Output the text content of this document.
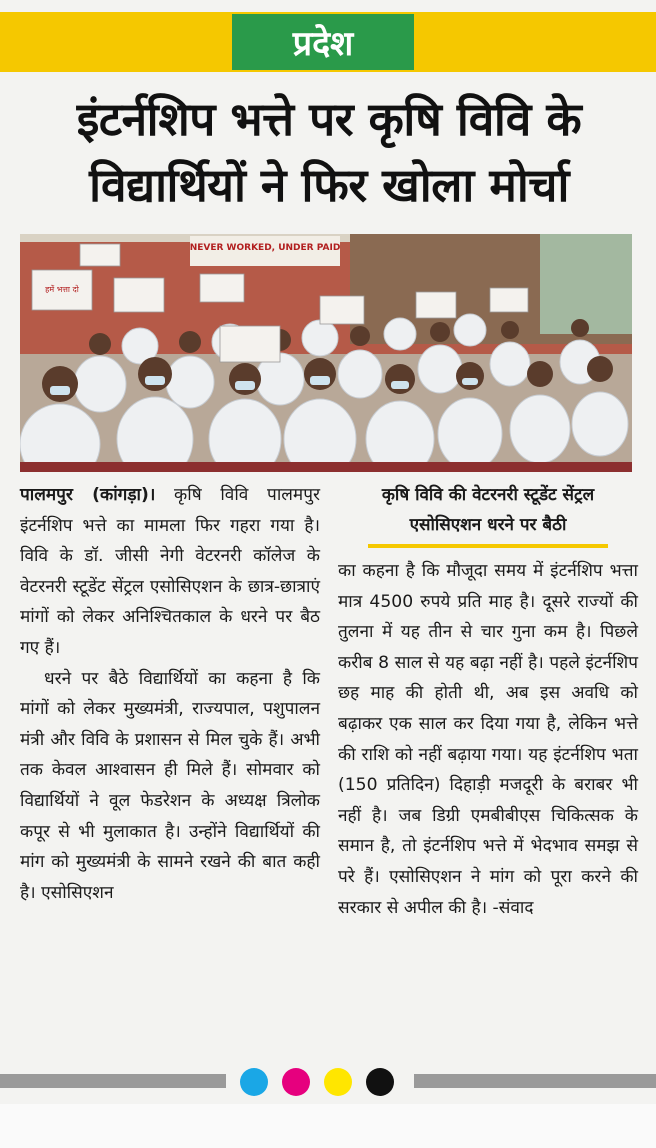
प्रदेश
इंटर्नशिप भत्ते पर कृषि विवि के
विद्यार्थियों ने फिर खोला मोर्चा
NEVER WORKED, UNDER PAID
हमें भत्ता दो

पालमपुर (कांगड़ा)। कृषि विवि पालमपुर इंटर्नशिप भत्ते का मामला फिर गहरा गया है। विवि के डॉ. जीसी नेगी वेटरनरी कॉलेज के वेटरनरी स्टूडेंट सेंट्रल एसोसिएशन के छात्र-छात्राएं मांगों को लेकर अनिश्चितकाल के धरने पर बैठ गए हैं।

धरने पर बैठे विद्यार्थियों का कहना है कि मांगों को लेकर मुख्यमंत्री, राज्यपाल, पशुपालन मंत्री और विवि के प्रशासन से मिल चुके हैं। अभी तक केवल आश्वासन ही मिले हैं। सोमवार को विद्यार्थियों ने वूल फेडरेशन के अध्यक्ष त्रिलोक कपूर से भी मुलाकात है। उन्होंने विद्यार्थियों की मांग को मुख्यमंत्री के सामने रखने की बात कही है। एसोसिएशन

कृषि विवि की वेटरनरी स्टूडेंट सेंट्रल
एसोसिएशन धरने पर बैठी

का कहना है कि मौजूदा समय में इंटर्नशिप भत्ता मात्र 4500 रुपये प्रति माह है। दूसरे राज्यों की तुलना में यह तीन से चार गुना कम है। पिछले करीब 8 साल से यह बढ़ा नहीं है। पहले इंटर्नशिप छह माह की होती थी, अब इस अवधि को बढ़ाकर एक साल कर दिया गया है, लेकिन भत्ते की राशि को नहीं बढ़ाया गया। यह इंटर्नशिप भता (150 प्रतिदिन) दिहाड़ी मजदूरी के बराबर भी नहीं है। जब डिग्री एमबीबीएस चिकित्सक के समान है, तो इंटर्नशिप भत्ते में भेदभाव समझ से परे हैं। एसोसिएशन ने मांग को पूरा करने की सरकार से अपील की है। -संवाद
